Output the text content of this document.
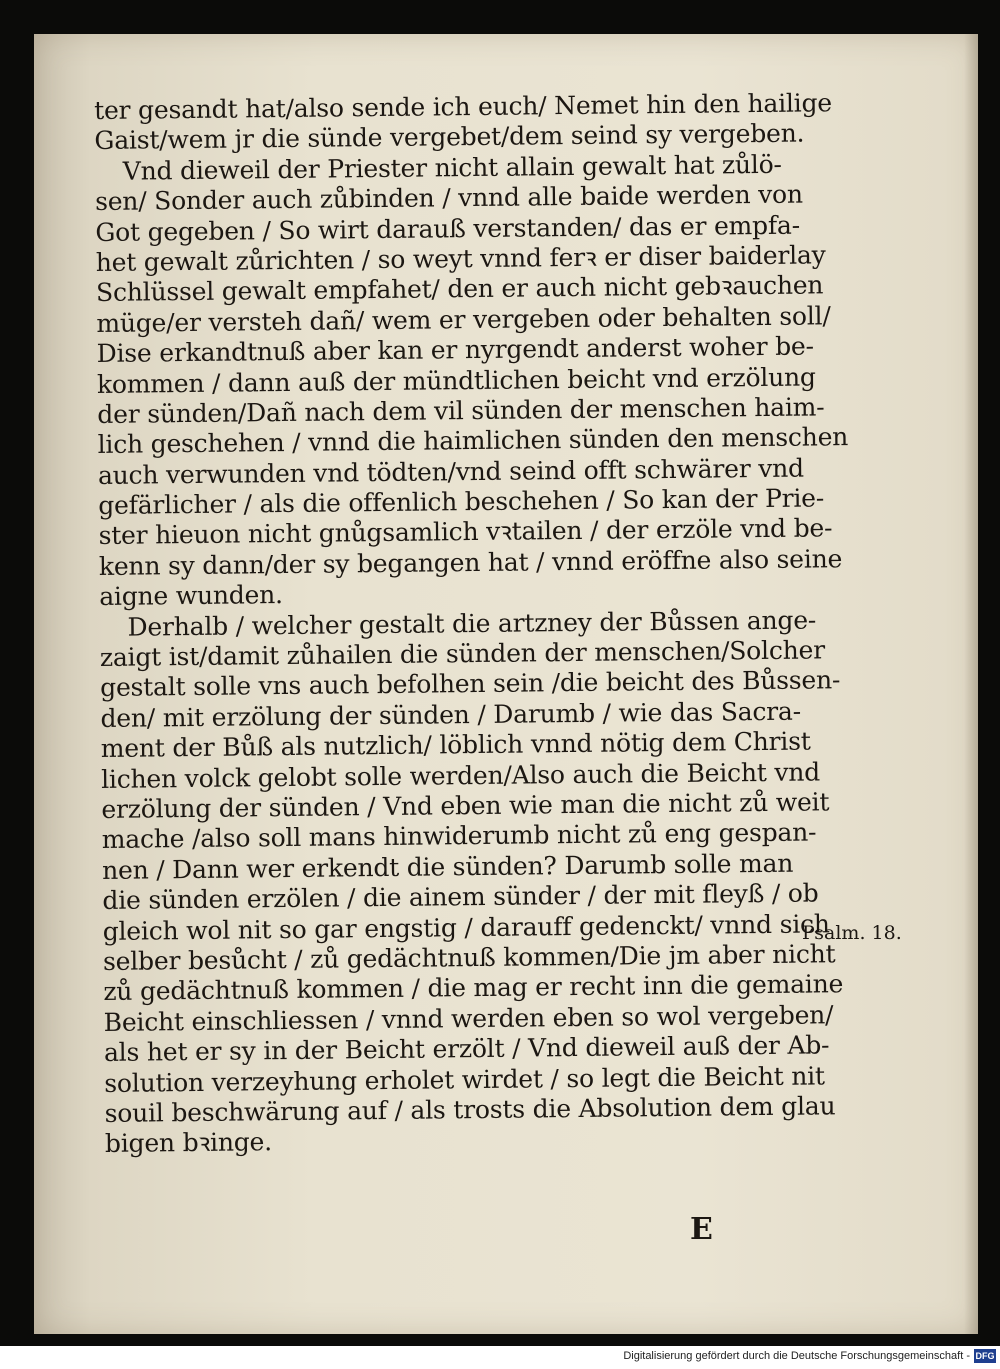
ter gesandt hat/also sende ich euch/ Nemet hin den hailige
Gaist/wem jr die sünde vergebet/dem seind sy vergeben.
Vnd dieweil der Priester nicht allain gewalt hat zůlö-
sen/ Sonder auch zůbinden / vnnd alle baide werden von
Got gegeben / So wirt darauß verstanden/ das er empfa-
het gewalt zůrichten / so weyt vnnd ferꝛ er diser baiderlay
Schlüssel gewalt empfahet/ den er auch nicht gebꝛauchen
müge/er versteh dañ/ wem er vergeben oder behalten soll/
Dise erkandtnuß aber kan er nyrgendt anderst woher be-
kommen / dann auß der mündtlichen beicht vnd erzölung
der sünden/Dañ nach dem vil sünden der menschen haim-
lich geschehen / vnnd die haimlichen sünden den menschen
auch verwunden vnd tödten/vnd seind offt schwärer vnd
gefärlicher / als die offenlich beschehen / So kan der Prie-
ster hieuon nicht gnůgsamlich vꝛtailen / der erzöle vnd be-
kenn sy dann/der sy begangen hat / vnnd eröffne also seine
aigne wunden.
Derhalb / welcher gestalt die artzney der Bůssen ange-
zaigt ist/damit zůhailen die sünden der menschen/Solcher
gestalt solle vns auch befolhen sein /die beicht des Bůssen-
den/ mit erzölung der sünden / Darumb / wie das Sacra-
ment der Bůß als nutzlich/ löblich vnnd nötig dem Christ
lichen volck gelobt solle werden/Also auch die Beicht vnd
erzölung der sünden / Vnd eben wie man die nicht zů weit
mache /also soll mans hinwiderumb nicht zů eng gespan-
nen / Dann wer erkendt die sünden? Darumb solle man
die sünden erzölen / die ainem sünder / der mit fleyß / ob
gleich wol nit so gar engstig / darauff gedenckt/ vnnd sich
selber besůcht / zů gedächtnuß kommen/Die jm aber nicht
zů gedächtnuß kommen / die mag er recht inn die gemaine
Beicht einschliessen / vnnd werden eben so wol vergeben/
als het er sy in der Beicht erzölt / Vnd dieweil auß der Ab-
solution verzeyhung erholet wirdet / so legt die Beicht nit
souil beschwärung auf / als trosts die Absolution dem glau
bigen bꝛinge.
Psalm. 18.
E
Digitalisierung gefördert durch die Deutsche Forschungsgemeinschaft - DFG
